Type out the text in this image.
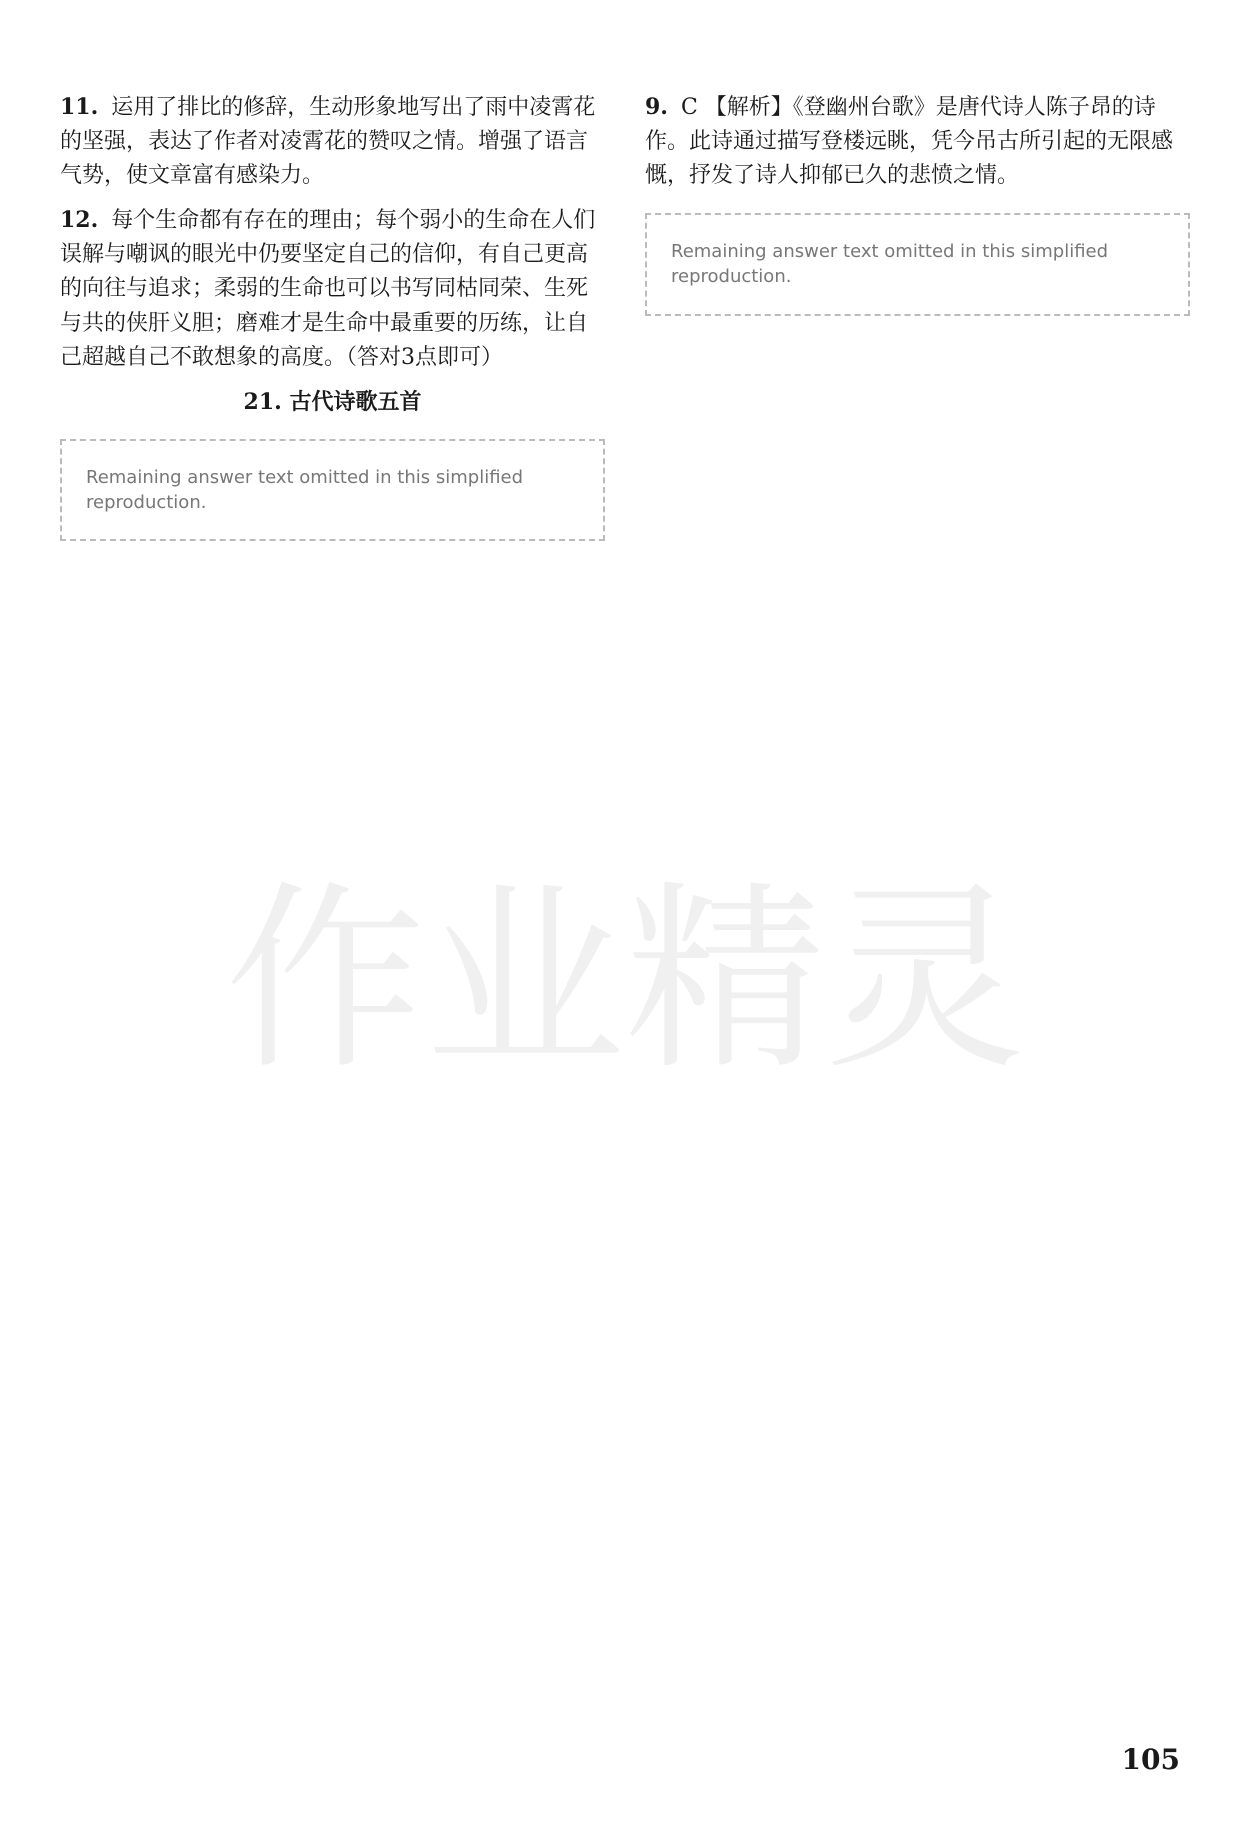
作业精灵
11. 运用了排比的修辞，生动形象地写出了雨中凌霄花的坚强，表达了作者对凌霄花的赞叹之情。增强了语言气势，使文章富有感染力。
12. 每个生命都有存在的理由；每个弱小的生命在人们误解与嘲讽的眼光中仍要坚定自己的信仰，有自己更高的向往与追求；柔弱的生命也可以书写同枯同荣、生死与共的侠肝义胆；磨难才是生命中最重要的历练，让自己超越自己不敢想象的高度。（答对3点即可）
21. 古代诗歌五首
Remaining answer text omitted in this simplified reproduction.
9. C 【解析】《登幽州台歌》是唐代诗人陈子昂的诗作。此诗通过描写登楼远眺，凭今吊古所引起的无限感慨，抒发了诗人抑郁已久的悲愤之情。
Remaining answer text omitted in this simplified reproduction.
105
